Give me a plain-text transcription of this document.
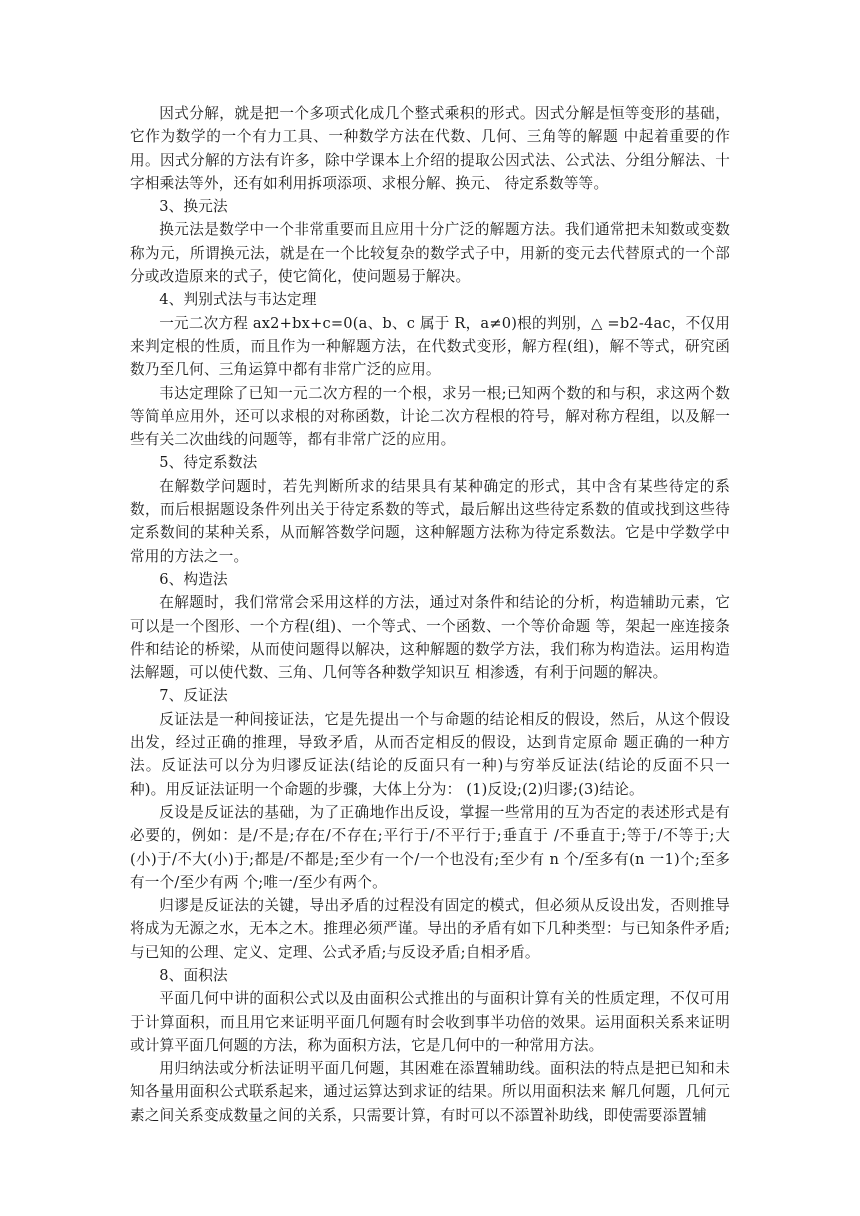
因式分解，就是把一个多项式化成几个整式乘积的形式。因式分解是恒等变形的基础，它作为数学的一个有力工具、一种数学方法在代数、几何、三角等的解题 中起着重要的作用。因式分解的方法有许多，除中学课本上介绍的提取公因式法、公式法、分组分解法、十字相乘法等外，还有如利用拆项添项、求根分解、换元、 待定系数等等。

3、换元法

换元法是数学中一个非常重要而且应用十分广泛的解题方法。我们通常把未知数或变数称为元，所谓换元法，就是在一个比较复杂的数学式子中，用新的变元去代替原式的一个部分或改造原来的式子，使它简化，使问题易于解决。

4、判别式法与韦达定理

一元二次方程 ax2+bx+c=0(a、b、c 属于 R，a≠0)根的判别，△ =b2-4ac，不仅用来判定根的性质，而且作为一种解题方法，在代数式变形，解方程(组)，解不等式，研究函数乃至几何、三角运算中都有非常广泛的应用。

韦达定理除了已知一元二次方程的一个根，求另一根;已知两个数的和与积，求这两个数等简单应用外，还可以求根的对称函数，计论二次方程根的符号，解对称方程组，以及解一些有关二次曲线的问题等，都有非常广泛的应用。

5、待定系数法

在解数学问题时，若先判断所求的结果具有某种确定的形式，其中含有某些待定的系数，而后根据题设条件列出关于待定系数的等式，最后解出这些待定系数的值或找到这些待定系数间的某种关系，从而解答数学问题，这种解题方法称为待定系数法。它是中学数学中常用的方法之一。

6、构造法

在解题时，我们常常会采用这样的方法，通过对条件和结论的分析，构造辅助元素，它可以是一个图形、一个方程(组)、一个等式、一个函数、一个等价命题 等，架起一座连接条件和结论的桥梁，从而使问题得以解决，这种解题的数学方法，我们称为构造法。运用构造法解题，可以使代数、三角、几何等各种数学知识互 相渗透，有利于问题的解决。

7、反证法

反证法是一种间接证法，它是先提出一个与命题的结论相反的假设，然后，从这个假设出发，经过正确的推理，导致矛盾，从而否定相反的假设，达到肯定原命 题正确的一种方法。反证法可以分为归谬反证法(结论的反面只有一种)与穷举反证法(结论的反面不只一种)。用反证法证明一个命题的步骤，大体上分为： (1)反设;(2)归谬;(3)结论。

反设是反证法的基础，为了正确地作出反设，掌握一些常用的互为否定的表述形式是有必要的，例如：是/不是;存在/不存在;平行于/不平行于;垂直于 /不垂直于;等于/不等于;大(小)于/不大(小)于;都是/不都是;至少有一个/一个也没有;至少有 n 个/至多有(n 一1)个;至多有一个/至少有两 个;唯一/至少有两个。

归谬是反证法的关键，导出矛盾的过程没有固定的模式，但必须从反设出发，否则推导将成为无源之水，无本之木。推理必须严谨。导出的矛盾有如下几种类型：与已知条件矛盾;与已知的公理、定义、定理、公式矛盾;与反设矛盾;自相矛盾。

8、面积法

平面几何中讲的面积公式以及由面积公式推出的与面积计算有关的性质定理，不仅可用于计算面积，而且用它来证明平面几何题有时会收到事半功倍的效果。运用面积关系来证明或计算平面几何题的方法，称为面积方法，它是几何中的一种常用方法。

用归纳法或分析法证明平面几何题，其困难在添置辅助线。面积法的特点是把已知和未知各量用面积公式联系起来，通过运算达到求证的结果。所以用面积法来 解几何题，几何元素之间关系变成数量之间的关系，只需要计算，有时可以不添置补助线，即使需要添置辅
